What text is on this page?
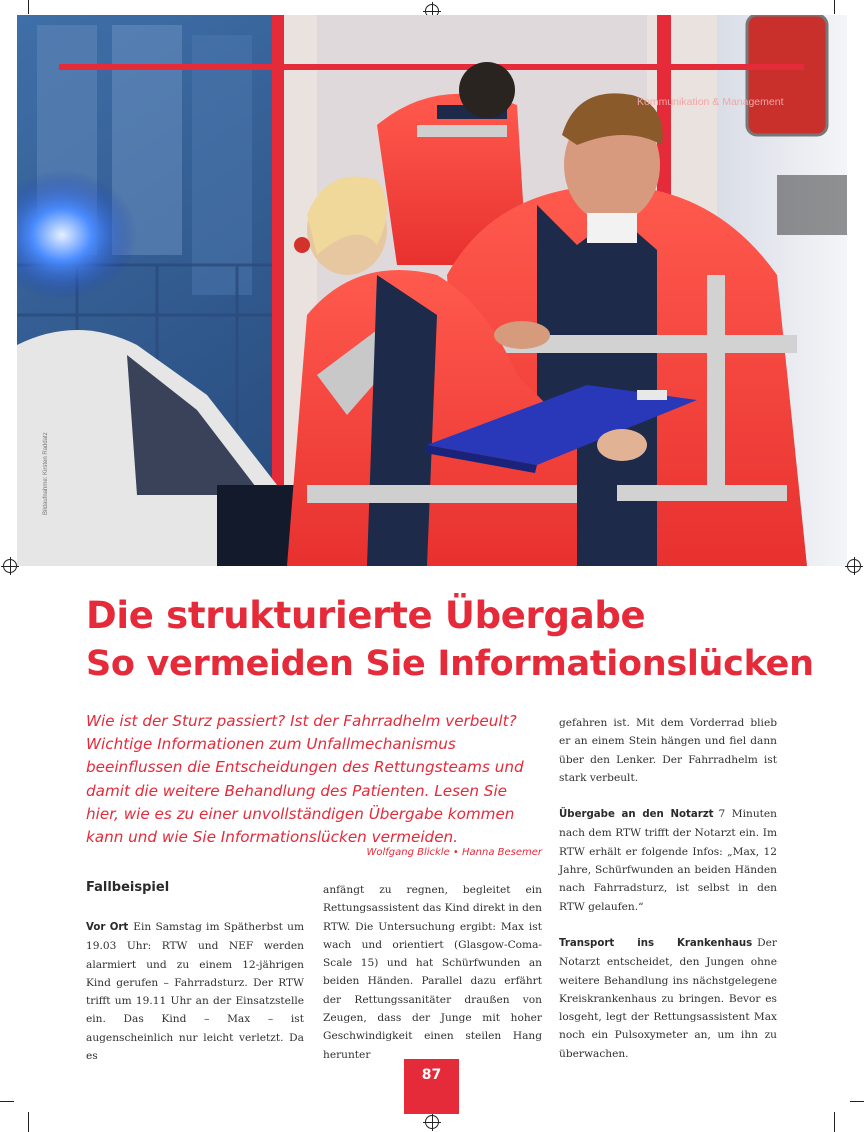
Kommunikation & Management
Bildaufnahme: Kirsten Raddatz
Die strukturierte Übergabe
So vermeiden Sie Informationslücken

Wie ist der Sturz passiert? Ist der Fahrradhelm verbeult? Wichtige Informationen zum Unfallmechanismus beeinflussen die Entscheidungen des Rettungsteams und damit die weitere Behandlung des Patienten. Lesen Sie hier, wie es zu einer unvollständigen Übergabe kommen kann und wie Sie Informationslücken vermeiden.

Wolfgang Blickle • Hanna Besemer
Fallbeispiel

Vor Ort Ein Samstag im Spätherbst um 19.03 Uhr: RTW und NEF werden alarmiert und zu einem 12-jährigen Kind gerufen – Fahrradsturz. Der RTW trifft um 19.11 Uhr an der Einsatzstelle ein. Das Kind – Max – ist augenscheinlich nur leicht verletzt. Da es

anfängt zu regnen, begleitet ein Rettungsassistent das Kind direkt in den RTW. Die Untersuchung ergibt: Max ist wach und orientiert (Glasgow-Coma-Scale 15) und hat Schürfwunden an beiden Händen. Parallel dazu erfährt der Rettungssanitäter draußen von Zeugen, dass der Junge mit hoher Geschwindigkeit einen steilen Hang herunter

gefahren ist. Mit dem Vorderrad blieb er an einem Stein hängen und fiel dann über den Lenker. Der Fahrradhelm ist stark verbeult.

Übergabe an den Notarzt 7 Minuten nach dem RTW trifft der Notarzt ein. Im RTW erhält er folgende Infos: „Max, 12 Jahre, Schürfwunden an beiden Händen nach Fahrradsturz, ist selbst in den RTW gelaufen.“

Transport ins Krankenhaus Der Notarzt entscheidet, den Jungen ohne weitere Behandlung ins nächstgelegene Kreiskrankenhaus zu bringen. Bevor es losgeht, legt der Rettungsassistent Max noch ein Pulsoxymeter an, um ihn zu überwachen.

87
